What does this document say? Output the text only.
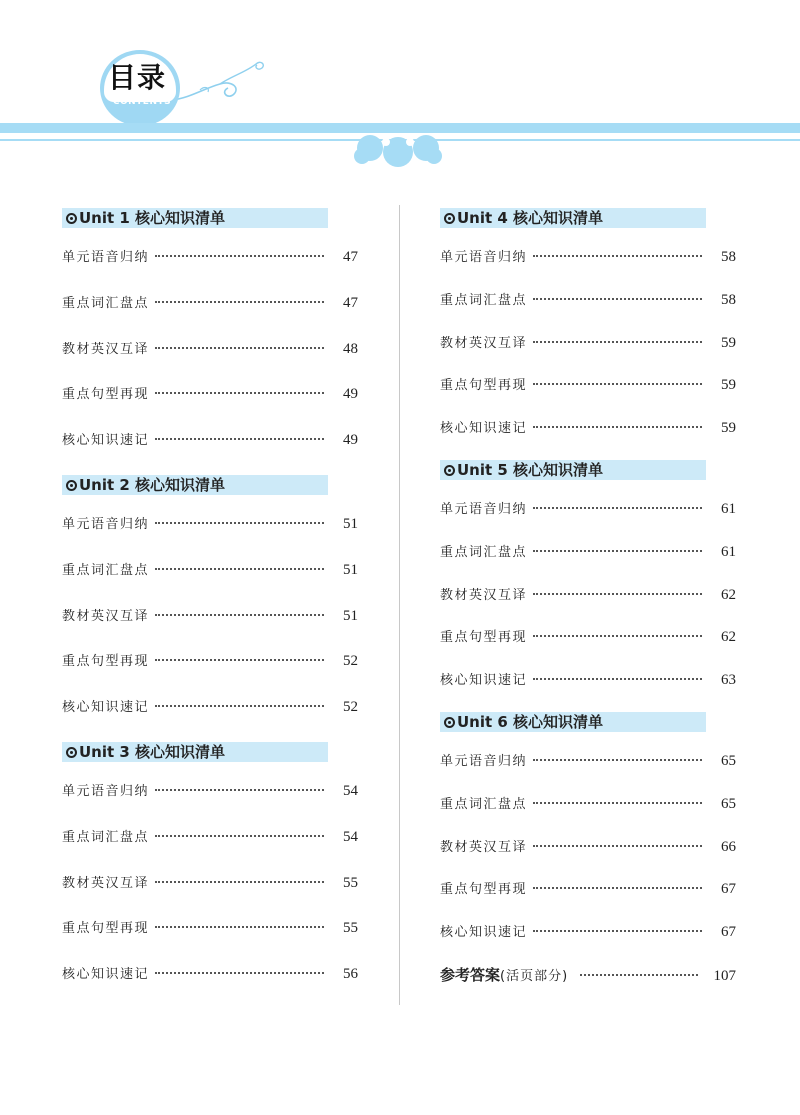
目录
CONTENTS
Unit 1 核心知识清单
单元语音归纳	47
重点词汇盘点	47
教材英汉互译	48
重点句型再现	49
核心知识速记	49
Unit 2 核心知识清单
单元语音归纳	51
重点词汇盘点	51
教材英汉互译	51
重点句型再现	52
核心知识速记	52
Unit 3 核心知识清单
单元语音归纳	54
重点词汇盘点	54
教材英汉互译	55
重点句型再现	55
核心知识速记	56
Unit 4 核心知识清单
单元语音归纳	58
重点词汇盘点	58
教材英汉互译	59
重点句型再现	59
核心知识速记	59
Unit 5 核心知识清单
单元语音归纳	61
重点词汇盘点	61
教材英汉互译	62
重点句型再现	62
核心知识速记	63
Unit 6 核心知识清单
单元语音归纳	65
重点词汇盘点	65
教材英汉互译	66
重点句型再现	67
核心知识速记	67
参考答案 (活页部分)	107
